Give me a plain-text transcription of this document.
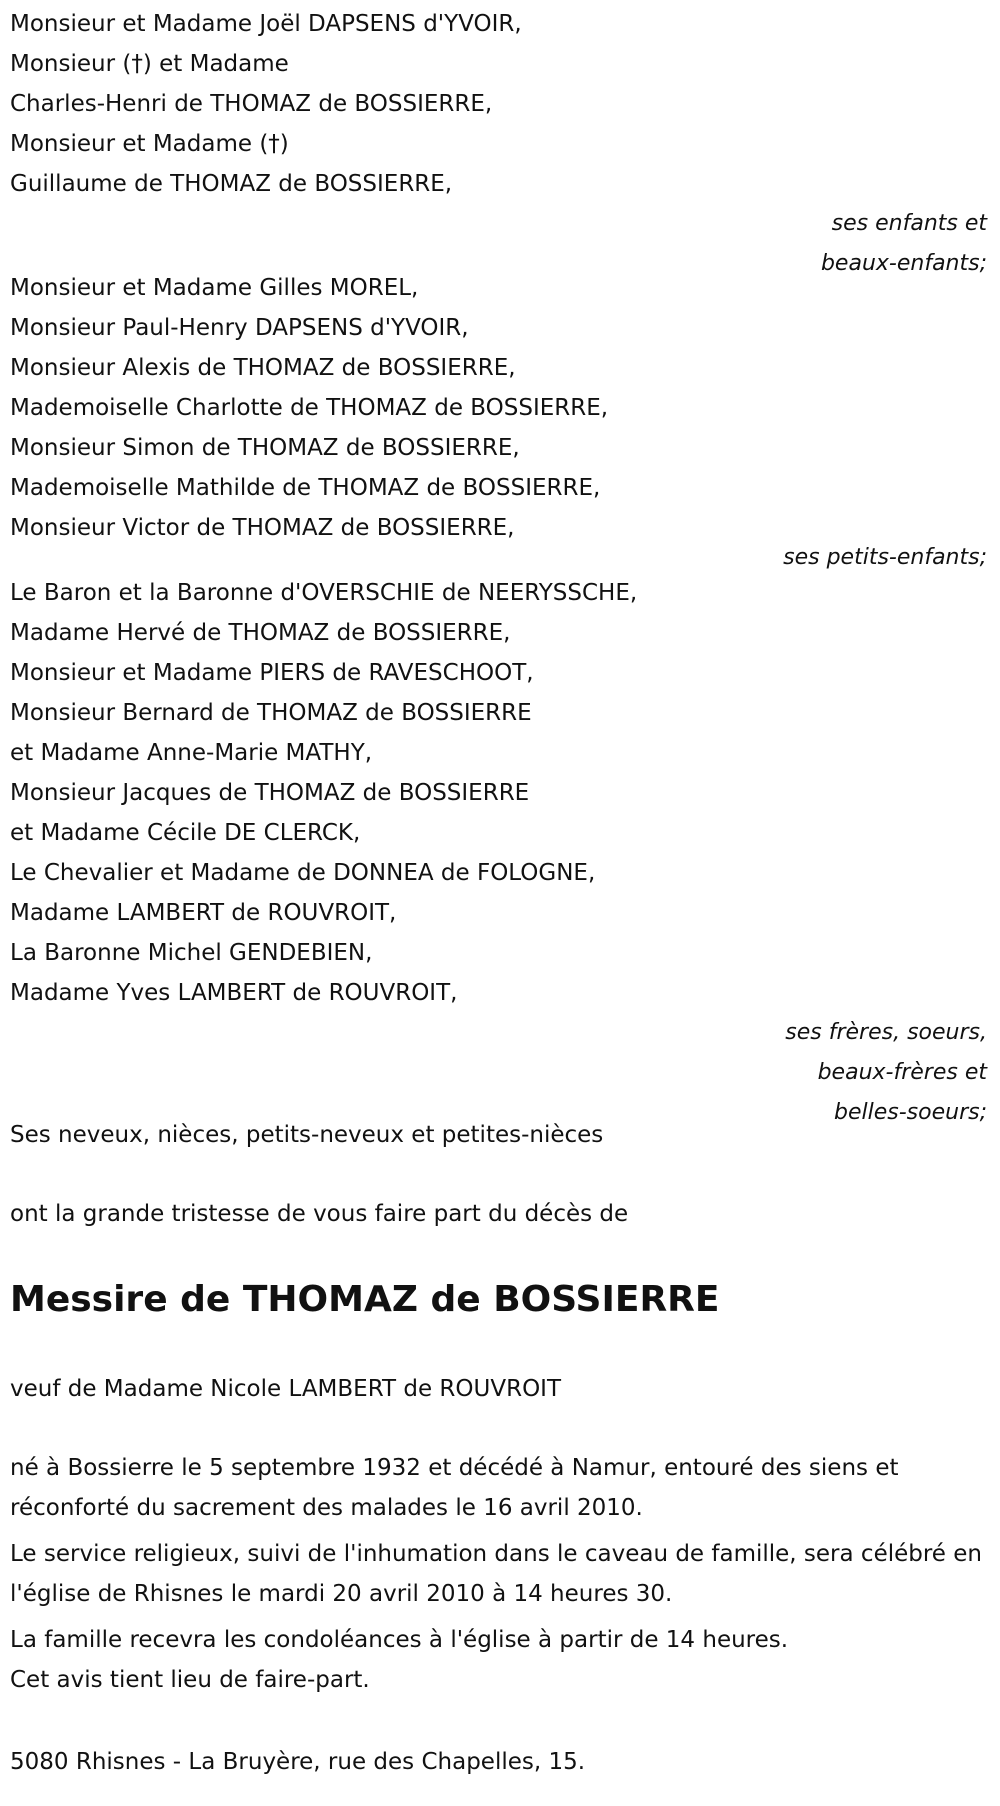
Monsieur et Madame Joël DAPSENS d'YVOIR,
Monsieur (†) et Madame
Charles-Henri de THOMAZ de BOSSIERRE,
Monsieur et Madame (†)
Guillaume de THOMAZ de BOSSIERRE,
ses enfants et
beaux-enfants;
Monsieur et Madame Gilles MOREL,
Monsieur Paul-Henry DAPSENS d'YVOIR,
Monsieur Alexis de THOMAZ de BOSSIERRE,
Mademoiselle Charlotte de THOMAZ de BOSSIERRE,
Monsieur Simon de THOMAZ de BOSSIERRE,
Mademoiselle Mathilde de THOMAZ de BOSSIERRE,
Monsieur Victor de THOMAZ de BOSSIERRE,
ses petits-enfants;
Le Baron et la Baronne d'OVERSCHIE de NEERYSSCHE,
Madame Hervé de THOMAZ de BOSSIERRE,
Monsieur et Madame PIERS de RAVESCHOOT,
Monsieur Bernard de THOMAZ de BOSSIERRE
et Madame Anne-Marie MATHY,
Monsieur Jacques de THOMAZ de BOSSIERRE
et Madame Cécile DE CLERCK,
Le Chevalier et Madame de DONNEA de FOLOGNE,
Madame LAMBERT de ROUVROIT,
La Baronne Michel GENDEBIEN,
Madame Yves LAMBERT de ROUVROIT,
ses frères, soeurs,
beaux-frères et
belles-soeurs;
Ses neveux, nièces, petits-neveux et petites-nièces
ont la grande tristesse de vous faire part du décès de
Messire de THOMAZ de BOSSIERRE
veuf de Madame Nicole LAMBERT de ROUVROIT
né à Bossierre le 5 septembre 1932 et décédé à Namur, entouré des siens et réconforté du sacrement des malades le 16 avril 2010.
Le service religieux, suivi de l'inhumation dans le caveau de famille, sera célébré en l'église de Rhisnes le mardi 20 avril 2010 à 14 heures 30.
La famille recevra les condoléances à l'église à partir de 14 heures.
Cet avis tient lieu de faire-part.
5080 Rhisnes - La Bruyère, rue des Chapelles, 15.
